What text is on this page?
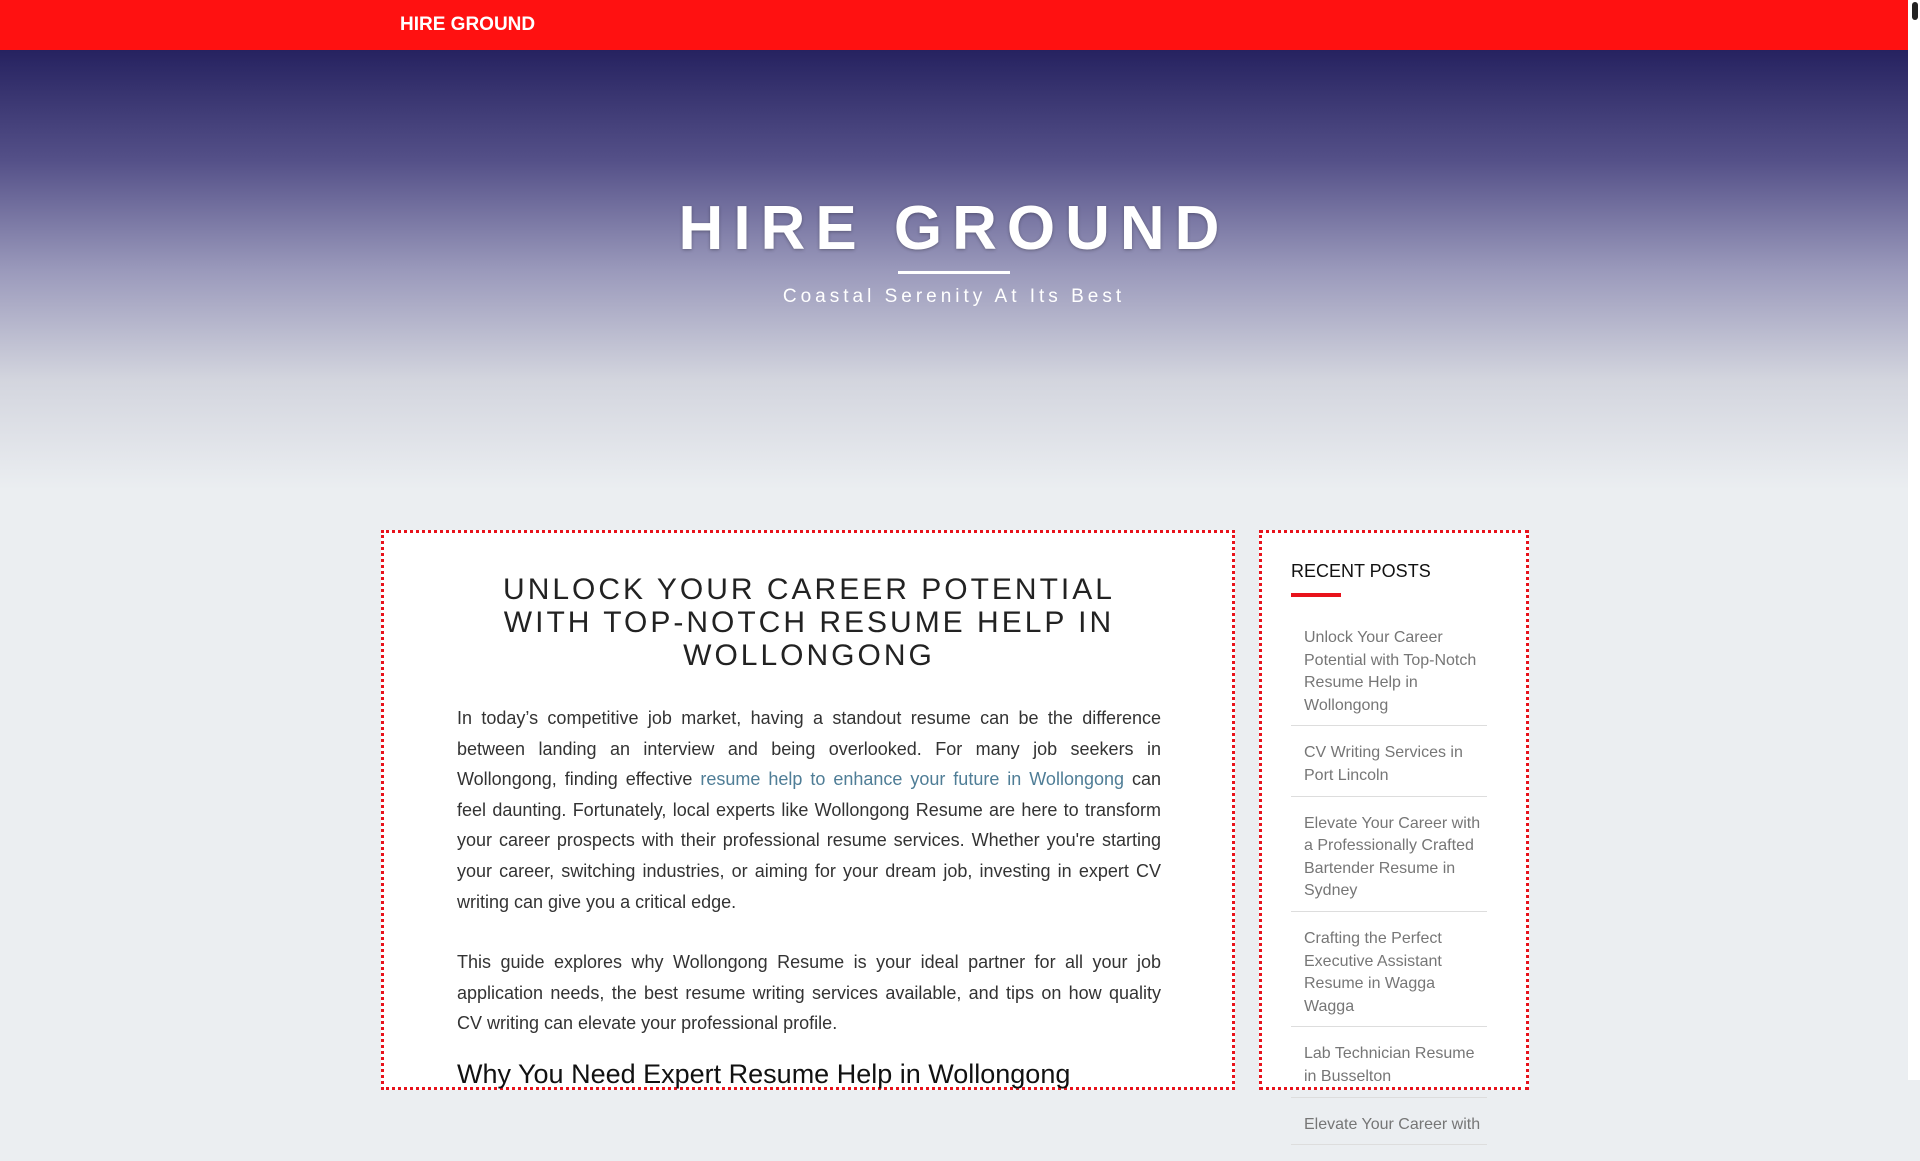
HIRE GROUND
HIRE GROUND
Coastal Serenity At Its Best
UNLOCK YOUR CAREER POTENTIAL WITH TOP-NOTCH RESUME HELP IN WOLLONGONG

In today’s competitive job market, having a standout resume can be the difference between landing an interview and being overlooked. For many job seekers in Wollongong, finding effective resume help to enhance your future in Wollongong can feel daunting. Fortunately, local experts like Wollongong Resume are here to transform your career prospects with their professional resume services. Whether you're starting your career, switching industries, or aiming for your dream job, investing in expert CV writing can give you a critical edge.

This guide explores why Wollongong Resume is your ideal partner for all your job application needs, the best resume writing services available, and tips on how quality CV writing can elevate your professional profile.

Why You Need Expert Resume Help in Wollongong
RECENT POSTS
Unlock Your Career Potential with Top-Notch Resume Help in Wollongong
CV Writing Services in Port Lincoln
Elevate Your Career with a Professionally Crafted Bartender Resume in Sydney
Crafting the Perfect Executive Assistant Resume in Wagga Wagga
Lab Technician Resume in Busselton
Elevate Your Career with
